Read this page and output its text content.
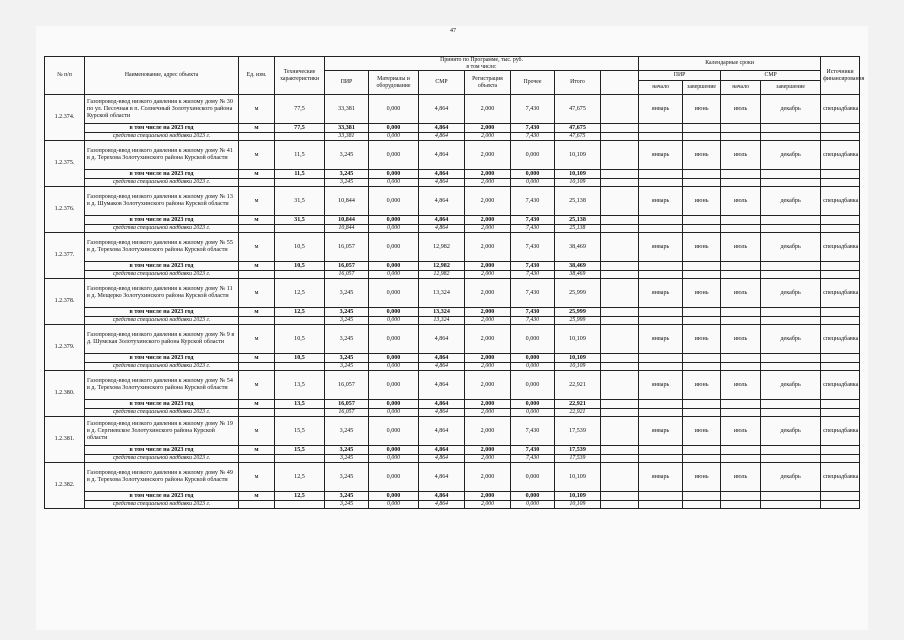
47
№ п/п	Наименование, адрес объекта	Ед. изм.	Технические характеристики	Принято по Программе, тыс. руб.
в том числе:							Календарные сроки				Источники финансирования
				ПИР	Материалы и оборудование	СМР	Регистрация объекта	Прочее	Итого		ПИР		СМР		
											начало	завершение	начало	завершение	
1.2.374.	Газопровод-ввод низкого давления к жилому дому № 30 по ул. Песочная в п. Солнечный Золотухинского района Курской области	м	77,5	33,381	0,000	4,864	2,000	7,430	47,675		январь	июнь	июль	декабрь	спецнадбавка
	в том числе на 2023 год	м	77,5	33,381	0,000	4,864	2,000	7,430	47,675						
	средства специальной надбавки 2023 г.			33,381	0,000	4,864	2,000	7,430	47,675						
1.2.375.	Газопровод-ввод низкого давления к жилому дому № 41 в д. Терехова Золотухинского района Курской области	м	11,5	3,245	0,000	4,864	2,000	0,000	10,109		январь	июнь	июль	декабрь	спецнадбавка
	в том числе на 2023 год	м	11,5	3,245	0,000	4,864	2,000	0,000	10,109						
	средства специальной надбавки 2023 г.			3,245	0,000	4,864	2,000	0,000	10,109						
1.2.376.	Газопровод-ввод низкого давления к жилому дому № 13 в д. Шумаков Золотухинского района Курской области	м	31,5	10,844	0,000	4,864	2,000	7,430	25,138		январь	июнь	июль	декабрь	спецнадбавка
	в том числе на 2023 год	м	31,5	10,844	0,000	4,864	2,000	7,430	25,138						
	средства специальной надбавки 2023 г.			10,844	0,000	4,864	2,000	7,430	25,138						
1.2.377.	Газопровод-ввод низкого давления к жилому дому № 55 в д. Терехова Золотухинского района Курской области	м	10,5	16,057	0,000	12,982	2,000	7,430	38,469		январь	июнь	июль	декабрь	спецнадбавка
	в том числе на 2023 год	м	10,5	16,057	0,000	12,982	2,000	7,430	38,469						
	средства специальной надбавки 2023 г.			16,057	0,000	12,982	2,000	7,430	38,469						
1.2.378.	Газопровод-ввод низкого давления к жилому дому № 11 в д. Мещерко Золотухинского района Курской области	м	12,5	3,245	0,000	13,324	2,000	7,430	25,999		январь	июнь	июль	декабрь	спецнадбавка
	в том числе на 2023 год	м	12,5	3,245	0,000	13,324	2,000	7,430	25,999						
	средства специальной надбавки 2023 г.			3,245	0,000	13,324	2,000	7,430	25,999						
1.2.379.	Газопровод-ввод низкого давления к жилому дому № 9 в д. Шумская Золотухинского района Курской области	м	10,5	3,245	0,000	4,864	2,000	0,000	10,109		январь	июнь	июль	декабрь	спецнадбавка
	в том числе на 2023 год	м	10,5	3,245	0,000	4,864	2,000	0,000	10,109						
	средства специальной надбавки 2023 г.			3,245	0,000	4,864	2,000	0,000	10,109						
1.2.380.	Газопровод-ввод низкого давления к жилому дому № 54 в д. Терехова Золотухинского района Курской области	м	13,5	16,057	0,000	4,864	2,000	0,000	22,921		январь	июнь	июль	декабрь	спецнадбавка
	в том числе на 2023 год	м	13,5	16,057	0,000	4,864	2,000	0,000	22,921						
	средства специальной надбавки 2023 г.			16,057	0,000	4,864	2,000	0,000	22,921						
1.2.381.	Газопровод-ввод низкого давления к жилому дому № 19 в д. Сергиевское Золотухинского района Курской области	м	15,5	3,245	0,000	4,864	2,000	7,430	17,539		январь	июнь	июль	декабрь	спецнадбавка
	в том числе на 2023 год	м	15,5	3,245	0,000	4,864	2,000	7,430	17,539						
	средства специальной надбавки 2023 г.			3,245	0,000	4,864	2,000	7,430	17,539						
1.2.382.	Газопровод-ввод низкого давления к жилому дому № 49 в д. Терехова Золотухинского района Курской области	м	12,5	3,245	0,000	4,864	2,000	0,000	10,109		январь	июнь	июль	декабрь	спецнадбавка
	в том числе на 2023 год	м	12,5	3,245	0,000	4,864	2,000	0,000	10,109						
	средства специальной надбавки 2023 г.			3,245	0,000	4,864	2,000	0,000	10,109						
